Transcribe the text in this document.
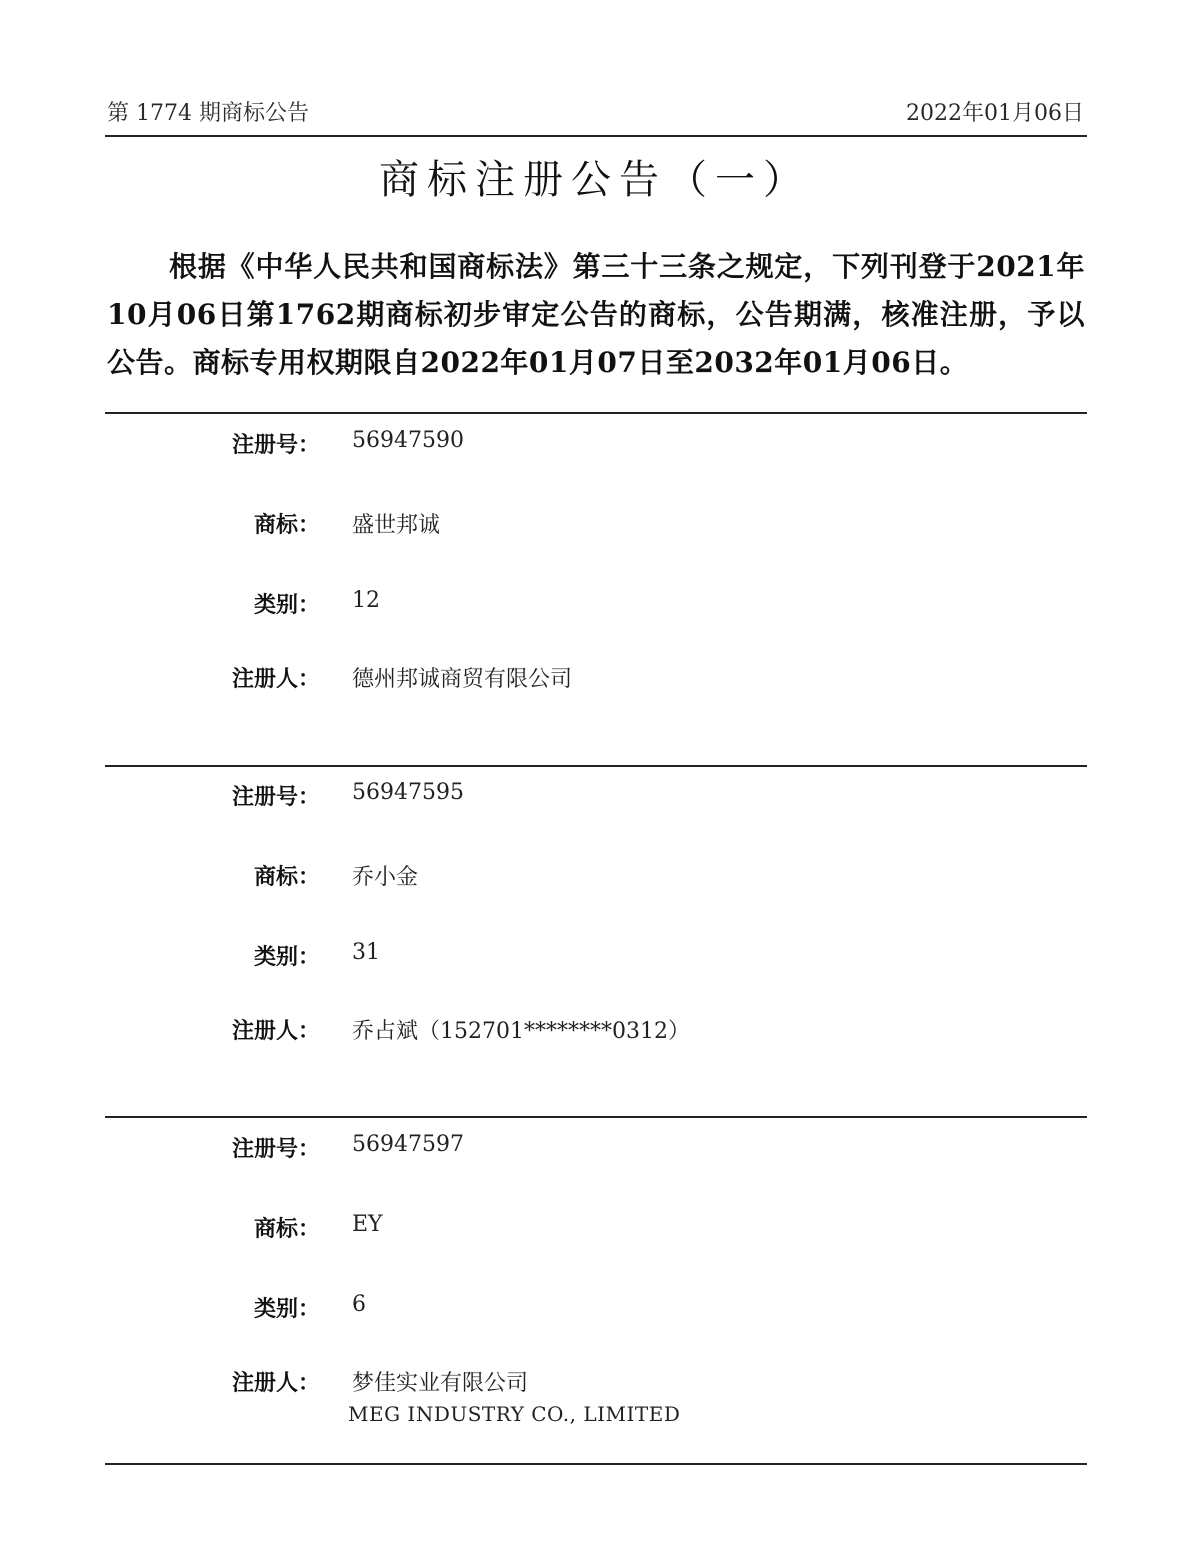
第 1774 期商标公告	2022年01月06日
商标注册公告（一）
根据《中华人民共和国商标法》第三十三条之规定，下列刊登于2021年10月06日第1762期商标初步审定公告的商标，公告期满，核准注册，予以公告。商标专用权期限自2022年01月07日至2032年01月06日。
注册号： 56947590
商标： 盛世邦诚
类别： 12
注册人： 德州邦诚商贸有限公司
注册号： 56947595
商标： 乔小金
类别： 31
注册人： 乔占斌（152701********0312）
注册号： 56947597
商标： EY
类别： 6
注册人： 梦佳实业有限公司
MEG INDUSTRY CO., LIMITED
